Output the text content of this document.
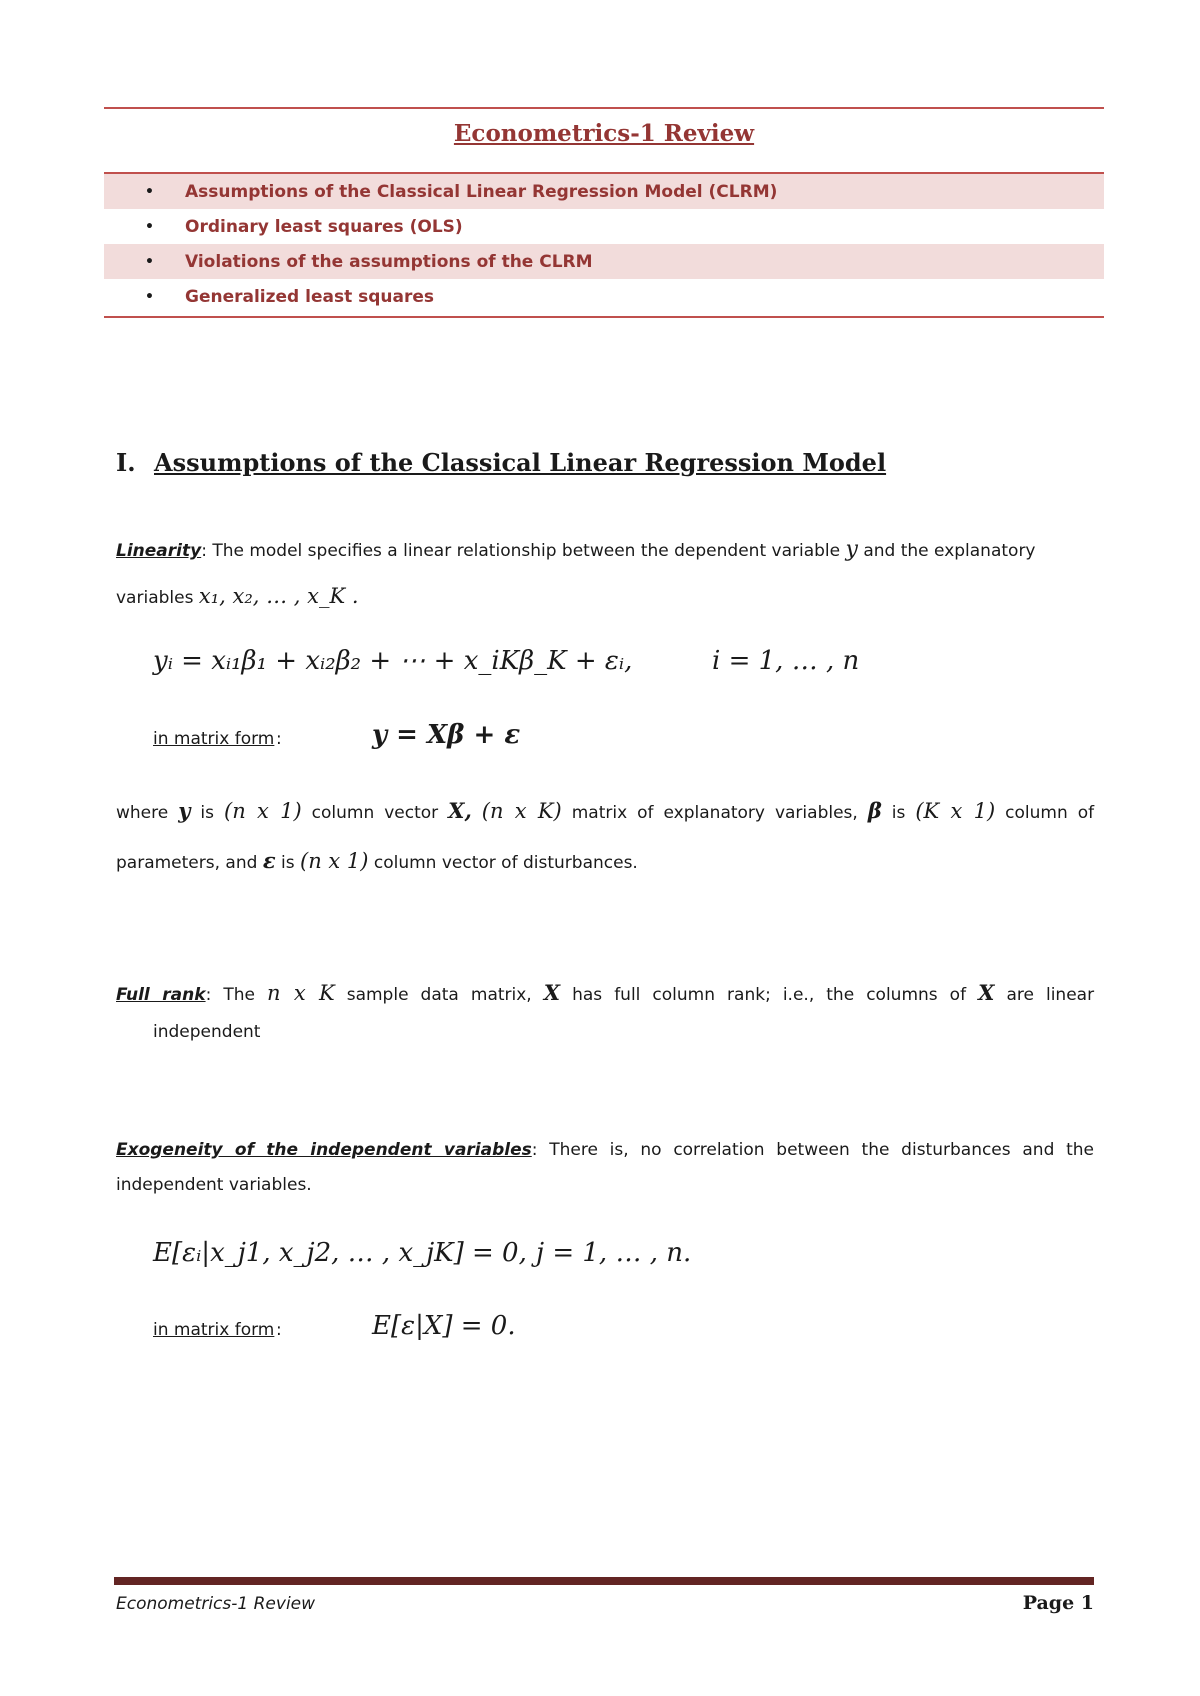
Econometrics-1 Review
•	Assumptions of the Classical Linear Regression Model (CLRM)
•	Ordinary least squares (OLS)
•	Violations of the assumptions of the CLRM
•	Generalized least squares
I. Assumptions of the Classical Linear Regression Model
Linearity: The model specifies a linear relationship between the dependent variable y and the explanatory
variables x₁, x₂, … , x_K .
yᵢ = xᵢ₁β₁ + xᵢ₂β₂ + ⋯ + x_iKβ_K + εᵢ,	i = 1, … , n
in matrix form :	y = Xβ + ε
where y is (n x 1) column vector X, (n x K) matrix of explanatory variables, β is (K x 1) column of
parameters, and ε is (n x 1) column vector of disturbances.
Full rank: The n x K sample data matrix, X has full column rank; i.e., the columns of X are linear
independent
Exogeneity of the independent variables: There is, no correlation between the disturbances and the
independent variables.
E[εᵢ|x_j1, x_j2, … , x_jK] = 0, j = 1, … , n.
in matrix form :	E[ε|X] = 0.
Econometrics-1 Review	Page 1
